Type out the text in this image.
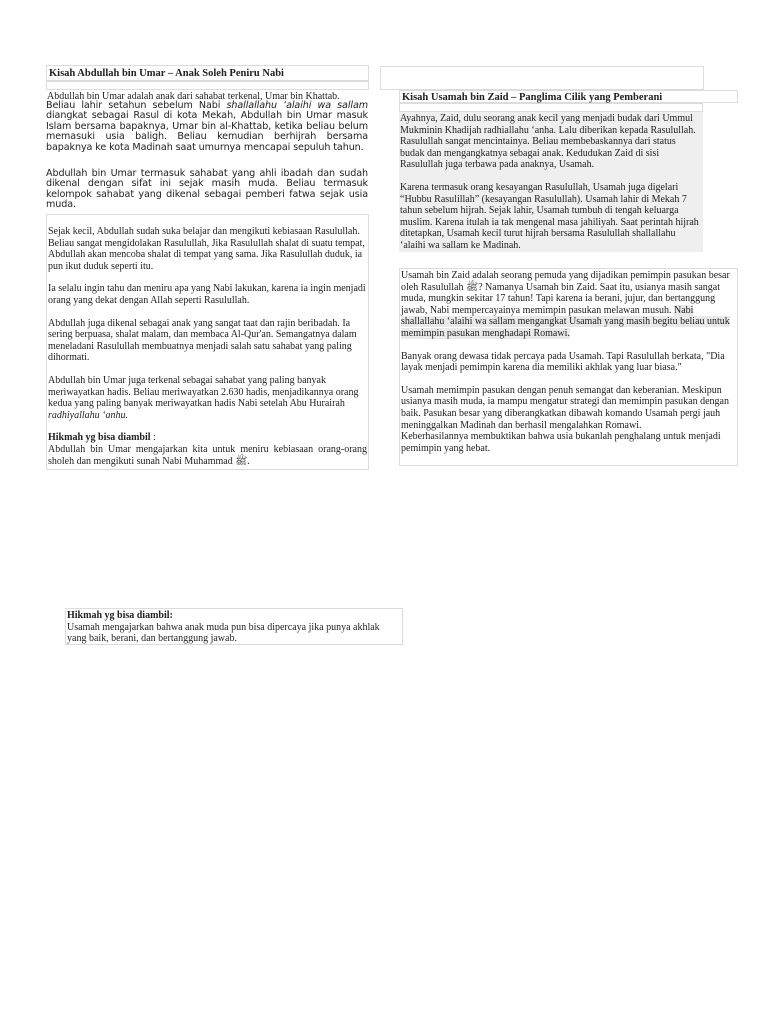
Kisah Abdullah bin Umar – Anak Soleh Peniru Nabi
Abdullah bin Umar adalah anak dari sahabat terkenal, Umar bin Khattab.
Beliau lahir setahun sebelum Nabi shallallahu ‘alaihi wa sallam diangkat sebagai Rasul di kota Mekah, Abdullah bin Umar masuk Islam bersama bapaknya, Umar bin al-Khattab, ketika beliau belum memasuki usia baligh. Beliau kemudian berhijrah bersama bapaknya ke kota Madinah saat umurnya mencapai sepuluh tahun.
Abdullah bin Umar termasuk sahabat yang ahli ibadah dan sudah dikenal dengan sifat ini sejak masih muda. Beliau termasuk kelompok sahabat yang dikenal sebagai pemberi fatwa sejak usia muda.

Sejak kecil, Abdullah sudah suka belajar dan mengikuti kebiasaan Rasulullah. Beliau sangat mengidolakan Rasulullah, Jika Rasulullah shalat di suatu tempat, Abdullah akan mencoba shalat di tempat yang sama. Jika Rasulullah duduk, ia pun ikut duduk seperti itu.

Ia selalu ingin tahu dan meniru apa yang Nabi lakukan, karena ia ingin menjadi orang yang dekat dengan Allah seperti Rasulullah.

Abdullah juga dikenal sebagai anak yang sangat taat dan rajin beribadah. Ia sering berpuasa, shalat malam, dan membaca Al-Qur'an. Semangatnya dalam meneladani Rasulullah membuatnya menjadi salah satu sahabat yang paling dihormati.

Abdullah bin Umar juga terkenal sebagai sahabat yang paling banyak meriwayatkan hadis. Beliau meriwayatkan 2.630 hadis, menjadikannya orang kedua yang paling banyak meriwayatkan hadis Nabi setelah Abu Hurairah radhiyallahu ‘anhu.

Hikmah yg bisa diambil :
Abdullah bin Umar mengajarkan kita untuk meniru kebiasaan orang-orang sholeh dan mengikuti sunah Nabi Muhammad ﷺ.
Kisah Usamah bin Zaid – Panglima Cilik yang Pemberani

Ayahnya, Zaid, dulu seorang anak kecil yang menjadi budak dari Ummul Mukminin Khadijah radhiallahu ‘anha. Lalu diberikan kepada Rasulullah. Rasulullah sangat mencintainya. Beliau membebaskannya dari status budak dan mengangkatnya sebagai anak. Kedudukan Zaid di sisi Rasulullah juga terbawa pada anaknya, Usamah.

Karena termasuk orang kesayangan Rasulullah, Usamah juga digelari “Hubbu Rasulillah” (kesayangan Rasulullah). Usamah lahir di Mekah 7 tahun sebelum hijrah. Sejak lahir, Usamah tumbuh di tengah keluarga muslim. Karena itulah ia tak mengenal masa jahiliyah. Saat perintah hijrah ditetapkan, Usamah kecil turut hijrah bersama Rasulullah shallallahu ‘alaihi wa sallam ke Madinah.

Usamah bin Zaid adalah seorang pemuda yang dijadikan pemimpin pasukan besar oleh Rasulullah ﷺ? Namanya Usamah bin Zaid. Saat itu, usianya masih sangat muda, mungkin sekitar 17 tahun! Tapi karena ia berani, jujur, dan bertanggung jawab, Nabi mempercayainya memimpin pasukan melawan musuh. Nabi shallallahu ‘alaihi wa sallam mengangkat Usamah yang masih begitu beliau untuk memimpin pasukan menghadapi Romawi.

Banyak orang dewasa tidak percaya pada Usamah. Tapi Rasulullah berkata, "Dia layak menjadi pemimpin karena dia memiliki akhlak yang luar biasa."

Usamah memimpin pasukan dengan penuh semangat dan keberanian. Meskipun usianya masih muda, ia mampu mengatur strategi dan memimpin pasukan dengan baik. Pasukan besar yang diberangkatkan dibawah komando Usamah pergi jauh meninggalkan Madinah dan berhasil mengalahkan Romawi.
Keberhasilannya membuktikan bahwa usia bukanlah penghalang untuk menjadi pemimpin yang hebat.

Hikmah yg bisa diambil:
Usamah mengajarkan bahwa anak muda pun bisa dipercaya jika punya akhlak yang baik, berani, dan bertanggung jawab.
